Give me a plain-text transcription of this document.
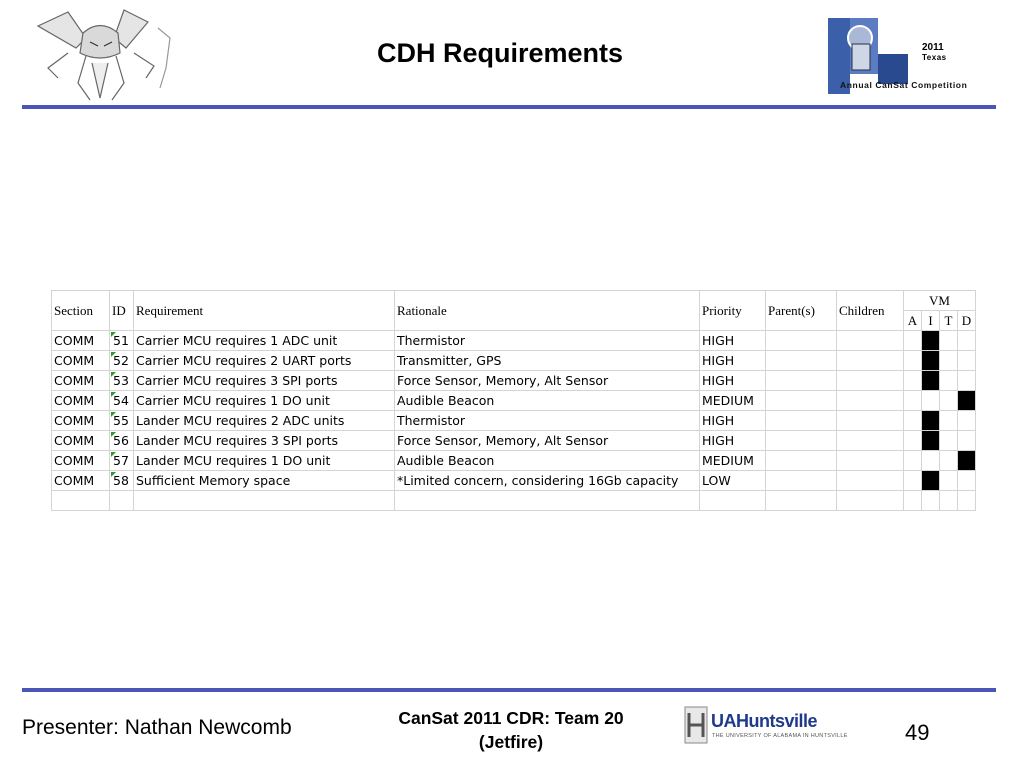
CDH Requirements	2011
Texas
Annual CanSat Competition
Section	ID	Requirement	Rationale	Priority	Parent(s)	Children	VM			
							A	I	T	D
COMM	51	Carrier MCU requires 1 ADC unit	Thermistor	HIGH						
COMM	52	Carrier MCU requires 2 UART ports	Transmitter, GPS	HIGH						
COMM	53	Carrier MCU requires 3 SPI ports	Force Sensor, Memory, Alt Sensor	HIGH						
COMM	54	Carrier MCU requires 1 DO unit	Audible Beacon	MEDIUM						
COMM	55	Lander MCU requires 2 ADC units	Thermistor	HIGH						
COMM	56	Lander MCU requires 3 SPI ports	Force Sensor, Memory, Alt Sensor	HIGH						
COMM	57	Lander MCU requires 1 DO unit	Audible Beacon	MEDIUM						
COMM	58	Sufficient Memory space	*Limited concern, considering 16Gb capacity	LOW						

Presenter: Nathan Newcomb	CanSat 2011 CDR: Team 20
(Jetfire)
UAHuntsville
THE UNIVERSITY OF ALABAMA IN HUNTSVILLE	49
